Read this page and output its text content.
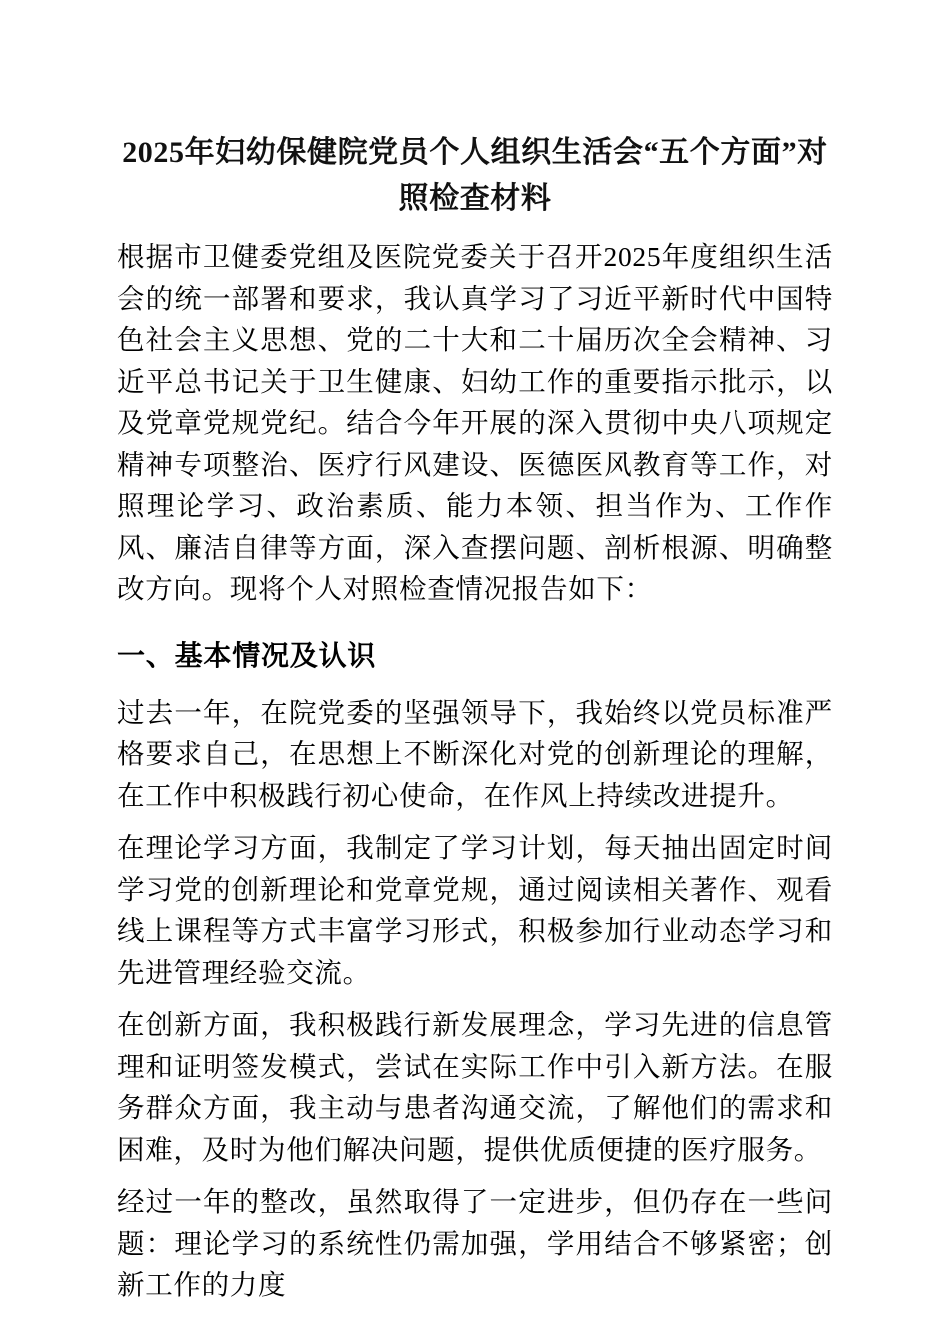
2025年妇幼保健院党员个人组织生活会“五个方面”对照检查材料

根据市卫健委党组及医院党委关于召开2025年度组织生活会的统一部署和要求，我认真学习了习近平新时代中国特色社会主义思想、党的二十大和二十届历次全会精神、习近平总书记关于卫生健康、妇幼工作的重要指示批示，以及党章党规党纪。结合今年开展的深入贯彻中央八项规定精神专项整治、医疗行风建设、医德医风教育等工作，对照理论学习、政治素质、能力本领、担当作为、工作作风、廉洁自律等方面，深入查摆问题、剖析根源、明确整改方向。现将个人对照检查情况报告如下：

一、基本情况及认识

过去一年，在院党委的坚强领导下，我始终以党员标准严格要求自己，在思想上不断深化对党的创新理论的理解，在工作中积极践行初心使命，在作风上持续改进提升。

在理论学习方面，我制定了学习计划，每天抽出固定时间学习党的创新理论和党章党规，通过阅读相关著作、观看线上课程等方式丰富学习形式，积极参加行业动态学习和先进管理经验交流。

在创新方面，我积极践行新发展理念，学习先进的信息管理和证明签发模式，尝试在实际工作中引入新方法。在服务群众方面，我主动与患者沟通交流，了解他们的需求和困难，及时为他们解决问题，提供优质便捷的医疗服务。

经过一年的整改，虽然取得了一定进步，但仍存在一些问题：理论学习的系统性仍需加强，学用结合不够紧密；创新工作的力度
